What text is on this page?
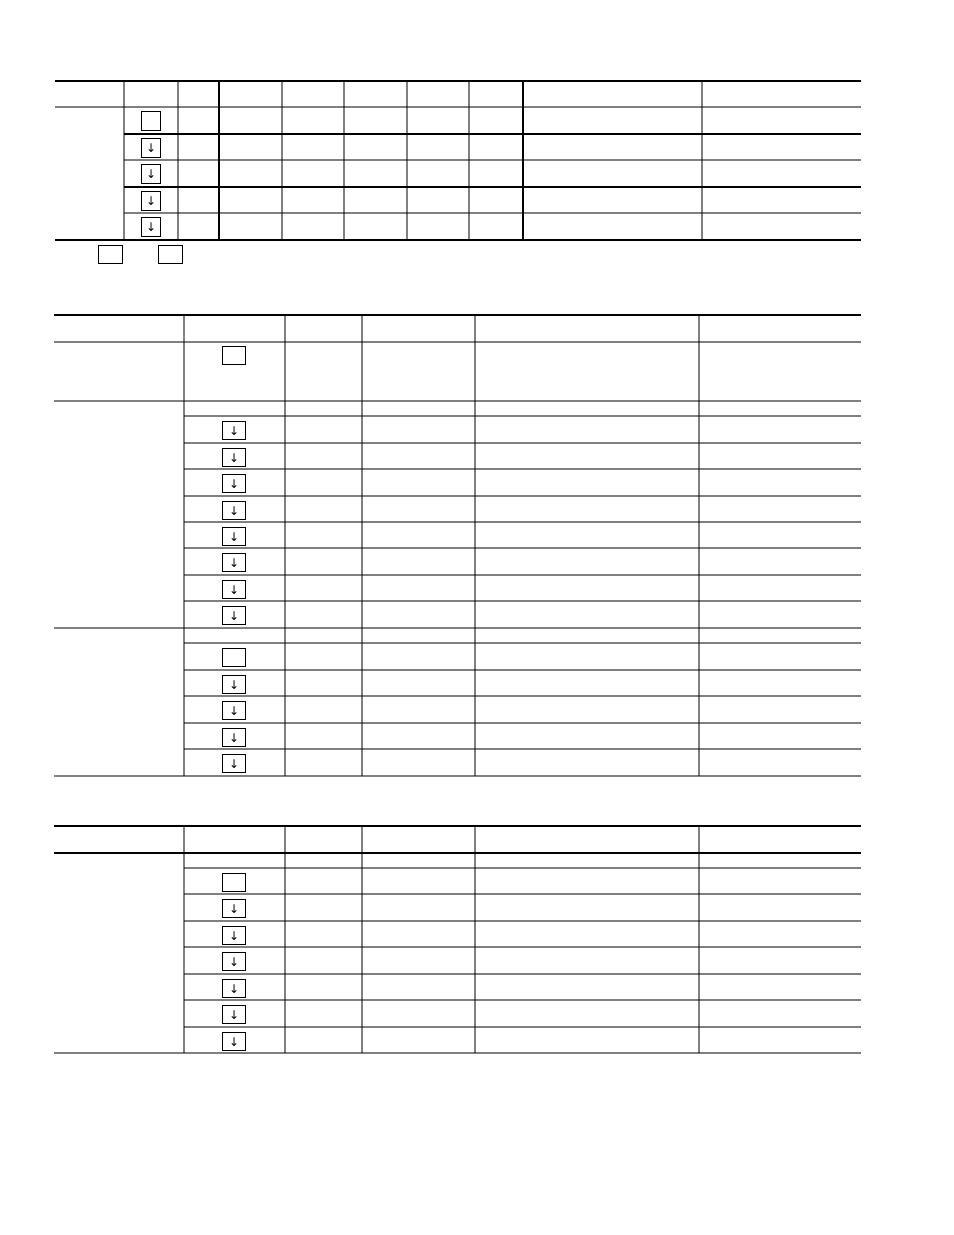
↓
↓
↓
↓
↓
↓
↓
↓
↓
↓
↓
↓
↓
↓
↓
↓
↓
↓
↓
↓
↓
↓
